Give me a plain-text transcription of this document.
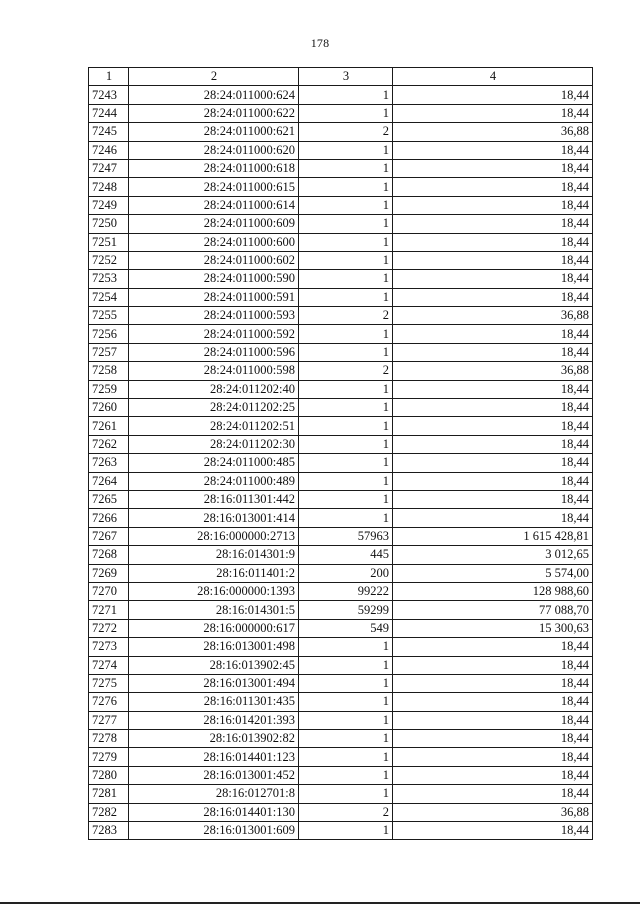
178
1	2	3	4
7243	28:24:011000:624	1	18,44
7244	28:24:011000:622	1	18,44
7245	28:24:011000:621	2	36,88
7246	28:24:011000:620	1	18,44
7247	28:24:011000:618	1	18,44
7248	28:24:011000:615	1	18,44
7249	28:24:011000:614	1	18,44
7250	28:24:011000:609	1	18,44
7251	28:24:011000:600	1	18,44
7252	28:24:011000:602	1	18,44
7253	28:24:011000:590	1	18,44
7254	28:24:011000:591	1	18,44
7255	28:24:011000:593	2	36,88
7256	28:24:011000:592	1	18,44
7257	28:24:011000:596	1	18,44
7258	28:24:011000:598	2	36,88
7259	28:24:011202:40	1	18,44
7260	28:24:011202:25	1	18,44
7261	28:24:011202:51	1	18,44
7262	28:24:011202:30	1	18,44
7263	28:24:011000:485	1	18,44
7264	28:24:011000:489	1	18,44
7265	28:16:011301:442	1	18,44
7266	28:16:013001:414	1	18,44
7267	28:16:000000:2713	57963	1 615 428,81
7268	28:16:014301:9	445	3 012,65
7269	28:16:011401:2	200	5 574,00
7270	28:16:000000:1393	99222	128 988,60
7271	28:16:014301:5	59299	77 088,70
7272	28:16:000000:617	549	15 300,63
7273	28:16:013001:498	1	18,44
7274	28:16:013902:45	1	18,44
7275	28:16:013001:494	1	18,44
7276	28:16:011301:435	1	18,44
7277	28:16:014201:393	1	18,44
7278	28:16:013902:82	1	18,44
7279	28:16:014401:123	1	18,44
7280	28:16:013001:452	1	18,44
7281	28:16:012701:8	1	18,44
7282	28:16:014401:130	2	36,88
7283	28:16:013001:609	1	18,44
